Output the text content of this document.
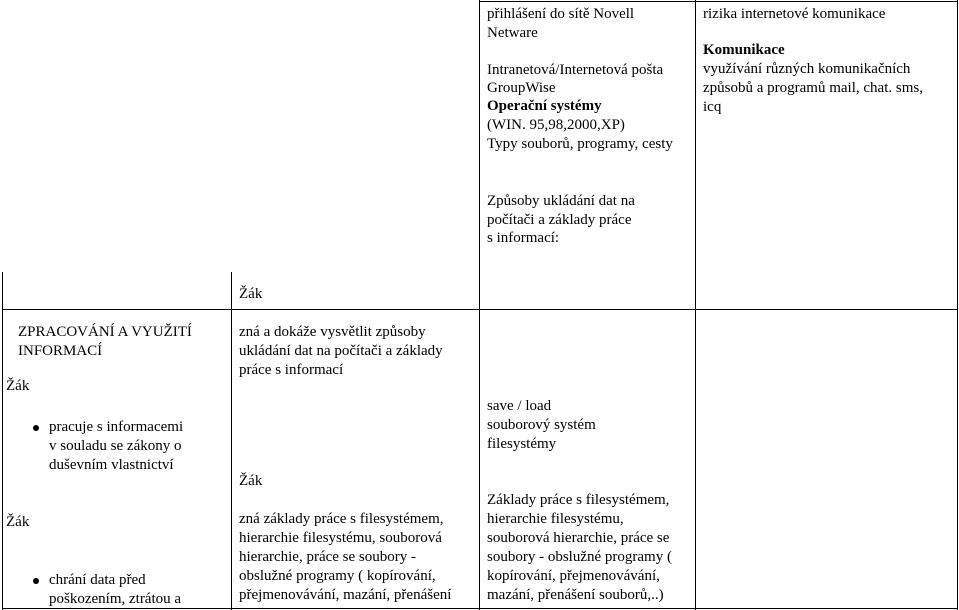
přihlášení do sítě Novell
Netware
Intranetová/Internetová pošta
GroupWise
Operační systémy
(WIN. 95,98,2000,XP)
Typy souborů, programy, cesty
rizika internetové komunikace
Komunikace
využívání různých komunikačních
způsobů a programů mail, chat. sms,
icq
Způsoby ukládání dat na
počítači a základy práce
s informací:
Žák
ZPRACOVÁNÍ A VYUŽITÍ
INFORMACÍ
Žák
pracuje s informacemi
v souladu se zákony o
duševním vlastnictví
Žák
chrání data před
poškozením, ztrátou a
zná a dokáže vysvětlit způsoby
ukládání dat na počítači a základy
práce s informací
Žák
zná základy práce s filesystémem,
hierarchie filesystému, souborová
hierarchie, práce se soubory -
obslužné programy ( kopírování,
přejmenovávání, mazání, přenášení
save / load
souborový systém
filesystémy
Základy práce s filesystémem,
hierarchie filesystému,
souborová hierarchie, práce se
soubory - obslužné programy (
kopírování, přejmenovávání,
mazání, přenášení souborů,..)
